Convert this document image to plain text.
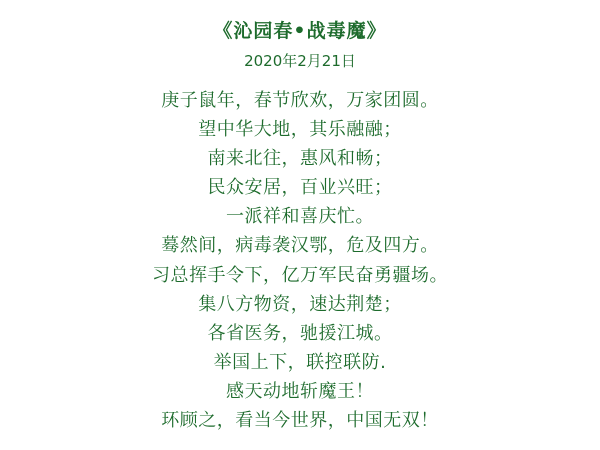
《沁园春•战毒魔》
2020年2月21日
庚子鼠年，春节欣欢，万家团圆。
望中华大地，其乐融融；
南来北往，惠风和畅；
民众安居，百业兴旺；
一派祥和喜庆忙。
蓦然间，病毒袭汉鄂，危及四方。
习总挥手令下，亿万军民奋勇疆场。
集八方物资，速达荆楚；
各省医务，驰援江城。
举国上下，联控联防.
感天动地斩魔王！
环顾之，看当今世界，中国无双！
